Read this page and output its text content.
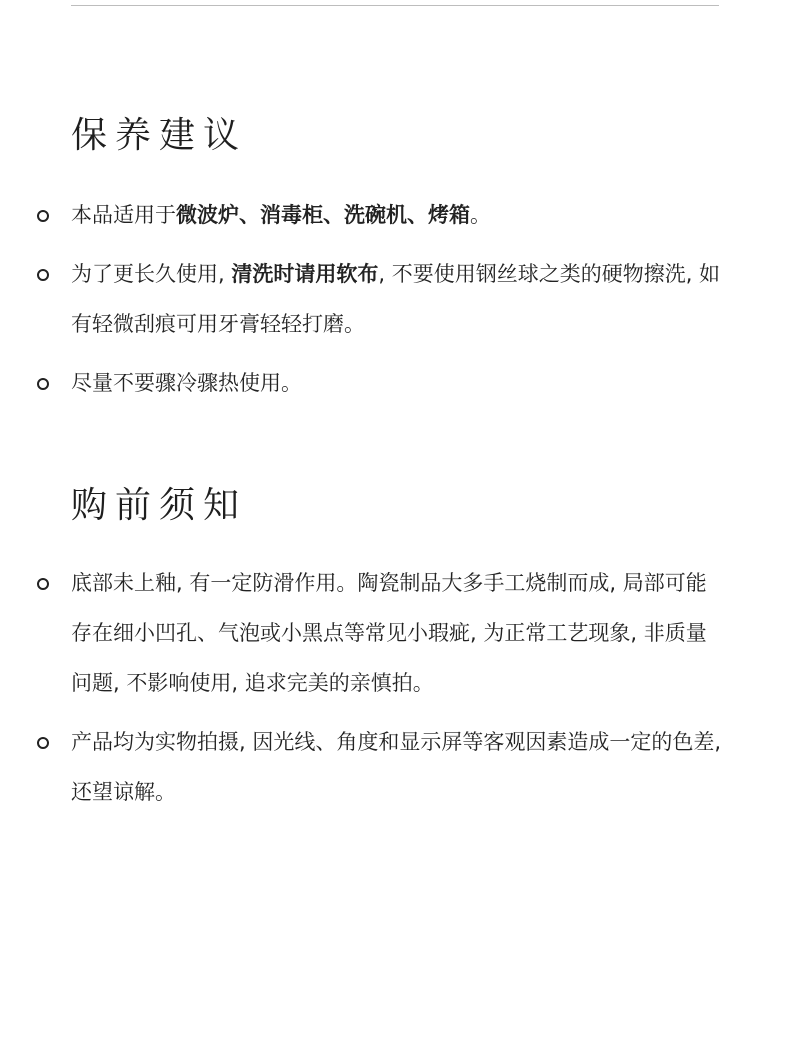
保养建议
本品适用于微波炉、消毒柜、洗碗机、烤箱。
为了更长久使用, 清洗时请用软布, 不要使用钢丝球之类的硬物擦洗, 如有轻微刮痕可用牙膏轻轻打磨。
尽量不要骤冷骤热使用。
购前须知
底部未上釉, 有一定防滑作用。陶瓷制品大多手工烧制而成, 局部可能存在细小凹孔、气泡或小黑点等常见小瑕疵, 为正常工艺现象, 非质量问题, 不影响使用, 追求完美的亲慎拍。
产品均为实物拍摄, 因光线、角度和显示屏等客观因素造成一定的色差, 还望谅解。
